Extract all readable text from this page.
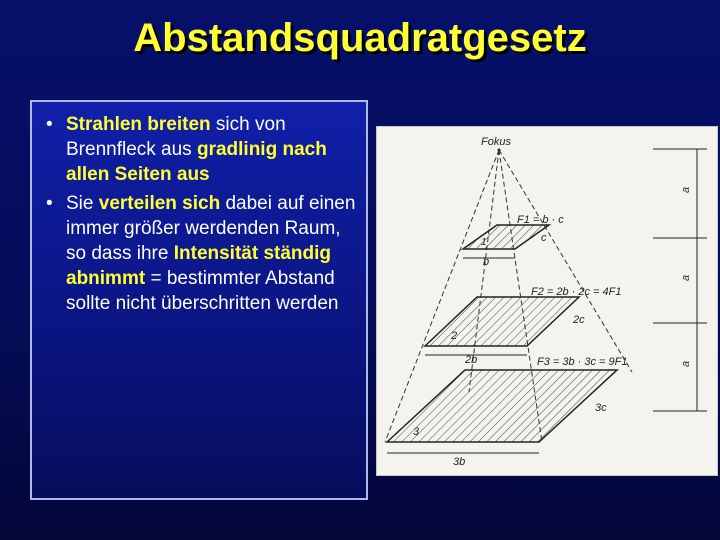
Abstandsquadratgesetz
• Strahlen breiten sich von Brennfleck aus gradlinig nach allen Seiten aus
• Sie verteilen sich dabei auf einen immer größer werdenden Raum, so dass ihre Intensität ständig abnimmt = bestimmter Abstand sollte nicht überschritten werden
Fokus
1
F1 = b · c
c
b
2
F2 = 2b · 2c = 4F1
2c
2b
3
F3 = 3b · 3c = 9F1
3c
3b
a
a
a
